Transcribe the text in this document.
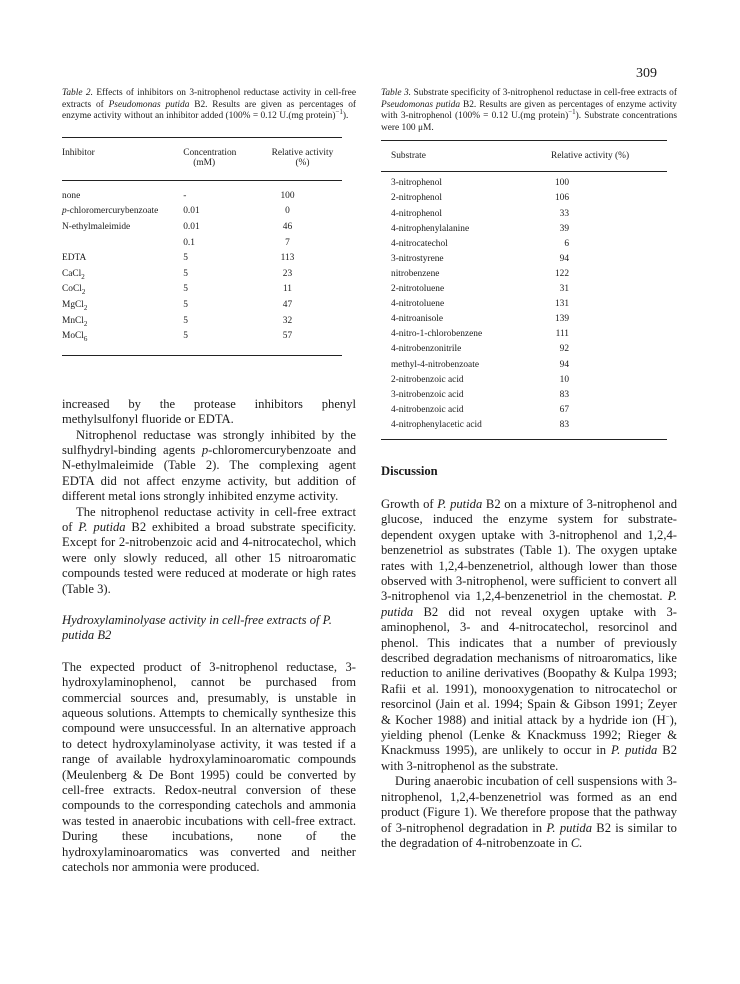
309
Table 2. Effects of inhibitors on 3-nitrophenol reductase activity in cell-free extracts of Pseudomonas putida B2. Results are given as percentages of enzyme activity without an inhibitor added (100% = 0.12 U.(mg protein)$^{-1}$).
Inhibitor	Concentration	Relative activity
	(mM)	(%)
none	-	100
p-chloromercurybenzoate	0.01	0
N-ethylmaleimide	0.01	46
	0.1	7
EDTA	5	113
CaCl$_2$	5	23
CoCl$_2$	5	11
MgCl$_2$	5	47
MnCl$_2$	5	32
MoCl$_6$	5	57

increased by the protease inhibitors phenyl methylsulfonyl fluoride or EDTA.

Nitrophenol reductase was strongly inhibited by the sulfhydryl-binding agents p-chloromercurybenzoate and N-ethylmaleimide (Table 2). The complexing agent EDTA did not affect enzyme activity, but addition of different metal ions strongly inhibited enzyme activity.

The nitrophenol reductase activity in cell-free extract of P. putida B2 exhibited a broad substrate specificity. Except for 2-nitrobenzoic acid and 4-nitrocatechol, which were only slowly reduced, all other 15 nitroaromatic compounds tested were reduced at moderate or high rates (Table 3).

Hydroxylaminolyase activity in cell-free extracts of P. putida B2

The expected product of 3-nitrophenol reductase, 3-hydroxylaminophenol, cannot be purchased from commercial sources and, presumably, is unstable in aqueous solutions. Attempts to chemically synthesize this compound were unsuccessful. In an alternative approach to detect hydroxylaminolyase activity, it was tested if a range of available hydroxylaminoaromatic compounds (Meulenberg & De Bont 1995) could be converted by cell-free extracts. Redox-neutral conversion of these compounds to the corresponding catechols and ammonia was tested in anaerobic incubations with cell-free extract. During these incubations, none of the hydroxylaminoaromatics was converted and neither catechols nor ammonia were produced.

Table 3. Substrate specificity of 3-nitrophenol reductase in cell-free extracts of Pseudomonas putida B2. Results are given as percentages of enzyme activity with 3-nitrophenol (100% = 0.12 U.(mg protein)$^{-1}$). Substrate concentrations were 100 μM.
Substrate	Relative activity (%)
3-nitrophenol	100
2-nitrophenol	106
4-nitrophenol	33
4-nitrophenylalanine	39
4-nitrocatechol	6
3-nitrostyrene	94
nitrobenzene	122
2-nitrotoluene	31
4-nitrotoluene	131
4-nitroanisole	139
4-nitro-1-chlorobenzene	111
4-nitrobenzonitrile	92
methyl-4-nitrobenzoate	94
2-nitrobenzoic acid	10
3-nitrobenzoic acid	83
4-nitrobenzoic acid	67
4-nitrophenylacetic acid	83
Discussion

Growth of P. putida B2 on a mixture of 3-nitrophenol and glucose, induced the enzyme system for substrate-dependent oxygen uptake with 3-nitrophenol and 1,2,4-benzenetriol as substrates (Table 1). The oxygen uptake rates with 1,2,4-benzenetriol, although lower than those observed with 3-nitrophenol, were sufficient to convert all 3-nitrophenol via 1,2,4-benzenetriol in the chemostat. P. putida B2 did not reveal oxygen uptake with 3-aminophenol, 3- and 4-nitrocatechol, resorcinol and phenol. This indicates that a number of previously described degradation mechanisms of nitroaromatics, like reduction to aniline derivatives (Boopathy & Kulpa 1993; Rafii et al. 1991), monooxygenation to nitrocatechol or resorcinol (Jain et al. 1994; Spain & Gibson 1991; Zeyer & Kocher 1988) and initial attack by a hydride ion (H−), yielding phenol (Lenke & Knackmuss 1992; Rieger & Knackmuss 1995), are unlikely to occur in P. putida B2 with 3-nitrophenol as the substrate.

During anaerobic incubation of cell suspensions with 3-nitrophenol, 1,2,4-benzenetriol was formed as an end product (Figure 1). We therefore propose that the pathway of 3-nitrophenol degradation in P. putida B2 is similar to the degradation of 4-nitrobenzoate in C.
